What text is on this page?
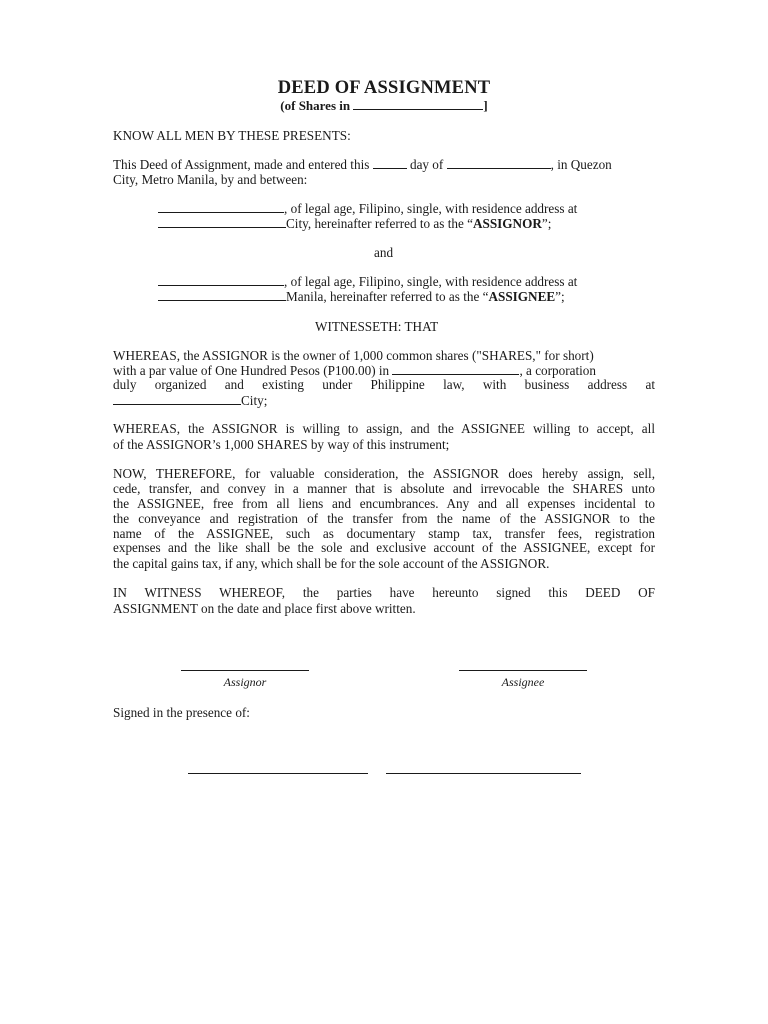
DEED OF ASSIGNMENT
(of Shares in	]
KNOW ALL MEN BY THESE PRESENTS:
This Deed of Assignment, made and entered this	day of	, in Quezon
City, Metro Manila, by and between:
, of legal age, Filipino, single, with residence address at
City, hereinafter referred to as the “ASSIGNOR”;
and
, of legal age, Filipino, single, with residence address at
Manila, hereinafter referred to as the “ASSIGNEE”;
WITNESSETH: THAT
WHEREAS, the ASSIGNOR is the owner of 1,000 common shares ("SHARES," for short)
with a par value of One Hundred Pesos (P100.00) in	, a corporation
duly organized and existing under Philippine law, with business address at
City;
WHEREAS, the ASSIGNOR is willing to assign, and the ASSIGNEE willing to accept, all
of the ASSIGNOR’s 1,000 SHARES by way of this instrument;
NOW, THEREFORE, for valuable consideration, the ASSIGNOR does hereby assign, sell,
cede, transfer, and convey in a manner that is absolute and irrevocable the SHARES unto
the ASSIGNEE, free from all liens and encumbrances. Any and all expenses incidental to
the conveyance and registration of the transfer from the name of the ASSIGNOR to the
name of the ASSIGNEE, such as documentary stamp tax, transfer fees, registration
expenses and the like shall be the sole and exclusive account of the ASSIGNEE, except for
the capital gains tax, if any, which shall be for the sole account of the ASSIGNOR.
IN WITNESS WHEREOF, the parties have hereunto signed this DEED OF
ASSIGNMENT on the date and place first above written.
Assignor	Assignee
Signed in the presence of:
